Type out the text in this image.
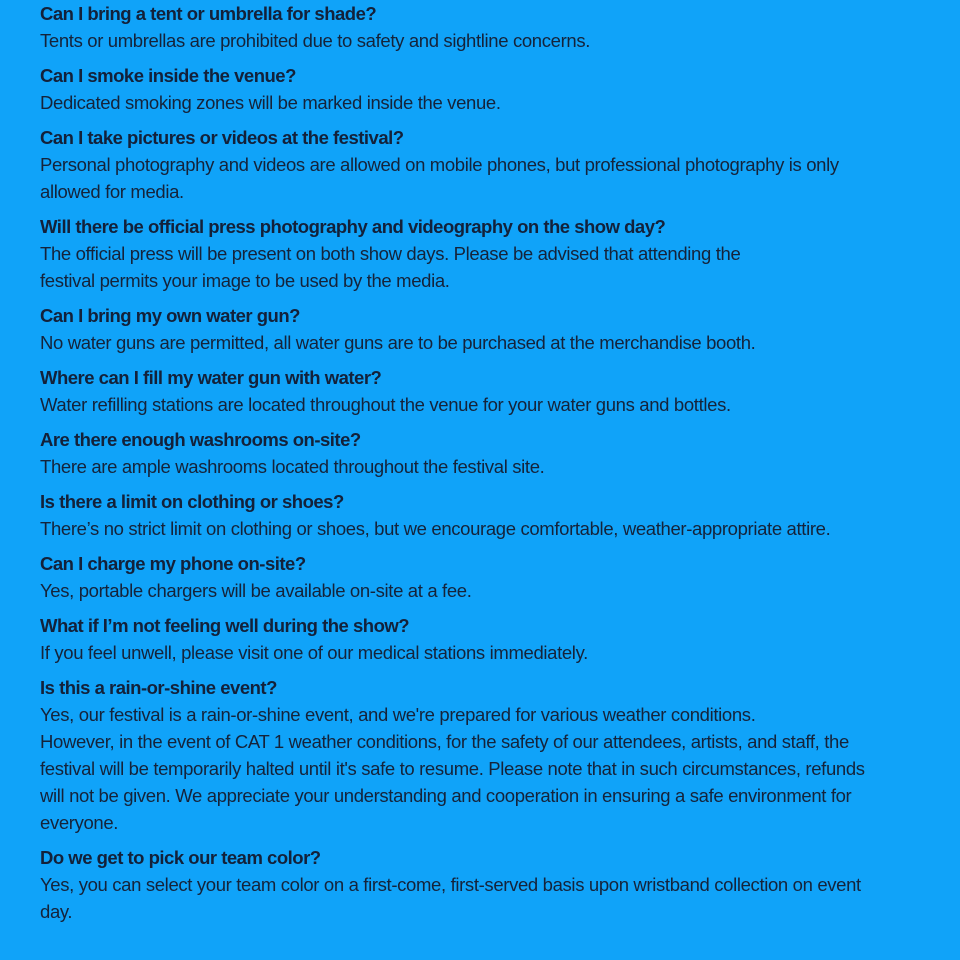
Can I bring a tent or umbrella for shade?
Tents or umbrellas are prohibited due to safety and sightline concerns.
Can I smoke inside the venue?
Dedicated smoking zones will be marked inside the venue.
Can I take pictures or videos at the festival?
Personal photography and videos are allowed on mobile phones, but professional photography is only
allowed for media.
Will there be official press photography and videography on the show day?
The official press will be present on both show days. Please be advised that attending the
festival permits your image to be used by the media.
Can I bring my own water gun?
No water guns are permitted, all water guns are to be purchased at the merchandise booth.
Where can I fill my water gun with water?
Water refilling stations are located throughout the venue for your water guns and bottles.
Are there enough washrooms on-site?
There are ample washrooms located throughout the festival site.
Is there a limit on clothing or shoes?
There’s no strict limit on clothing or shoes, but we encourage comfortable, weather-appropriate attire.
Can I charge my phone on-site?
Yes, portable chargers will be available on-site at a fee.
What if I’m not feeling well during the show?
If you feel unwell, please visit one of our medical stations immediately.
Is this a rain-or-shine event?
Yes, our festival is a rain-or-shine event, and we're prepared for various weather conditions.
However, in the event of CAT 1 weather conditions, for the safety of our attendees, artists, and staff, the
festival will be temporarily halted until it's safe to resume. Please note that in such circumstances, refunds
will not be given. We appreciate your understanding and cooperation in ensuring a safe environment for
everyone.
Do we get to pick our team color?
Yes, you can select your team color on a first-come, first-served basis upon wristband collection on event
day.
